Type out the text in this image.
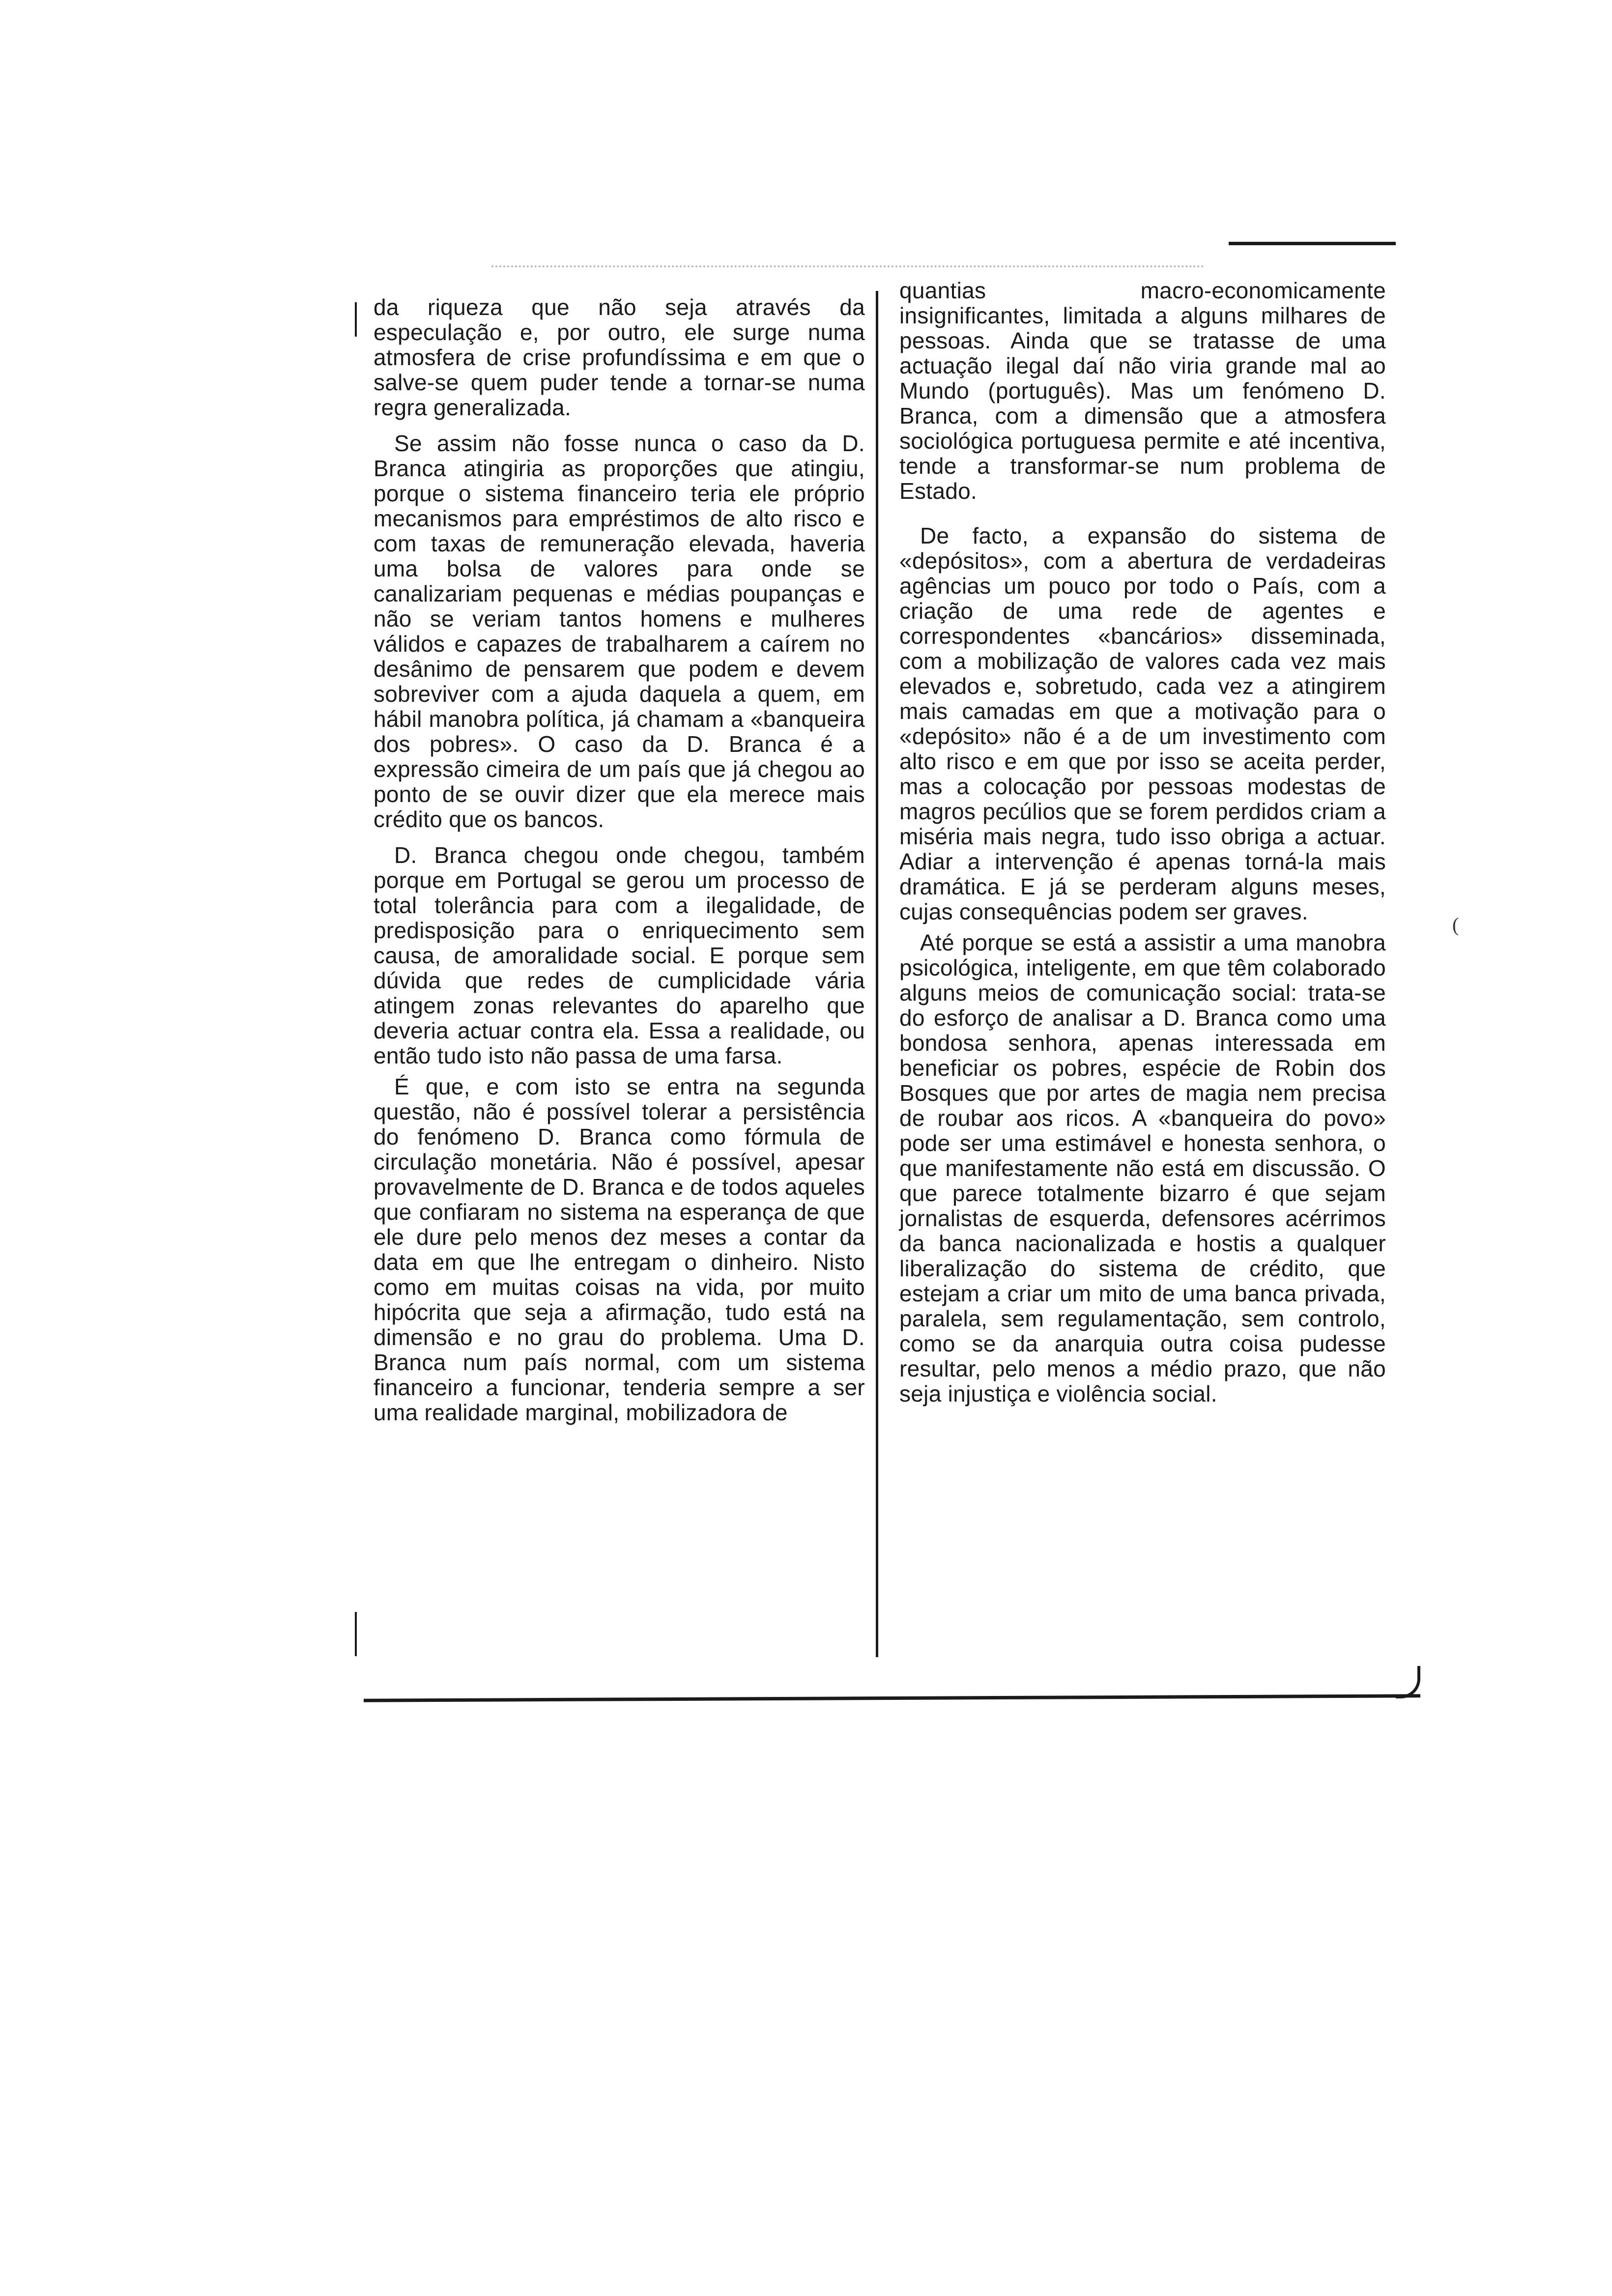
da riqueza que não seja através da especulação e, por outro, ele surge numa atmosfera de crise profundíssima e em que o salve-se quem puder tende a tornar-se numa regra generalizada.

Se assim não fosse nunca o caso da D. Branca atingiria as proporções que atingiu, porque o sistema financeiro teria ele próprio mecanismos para empréstimos de alto risco e com taxas de remuneração elevada, haveria uma bolsa de valores para onde se canalizariam pequenas e médias poupanças e não se veriam tantos homens e mulheres válidos e capazes de trabalharem a caírem no desânimo de pensarem que podem e devem sobreviver com a ajuda daquela a quem, em hábil manobra política, já chamam a «banqueira dos pobres». O caso da D. Branca é a expressão cimeira de um país que já chegou ao ponto de se ouvir dizer que ela merece mais crédito que os bancos.

D. Branca chegou onde chegou, também porque em Portugal se gerou um processo de total tolerância para com a ilegalidade, de predisposição para o enriquecimento sem causa, de amoralidade social. E porque sem dúvida que redes de cumplicidade vária atingem zonas relevantes do aparelho que deveria actuar contra ela. Essa a realidade, ou então tudo isto não passa de uma farsa.

É que, e com isto se entra na segunda questão, não é possível tolerar a persistência do fenómeno D. Branca como fórmula de circulação monetária. Não é possível, apesar provavelmente de D. Branca e de todos aqueles que confiaram no sistema na esperança de que ele dure pelo menos dez meses a contar da data em que lhe entregam o dinheiro. Nisto como em muitas coisas na vida, por muito hipócrita que seja a afirmação, tudo está na dimensão e no grau do problema. Uma D. Branca num país normal, com um sistema financeiro a funcionar, tenderia sempre a ser uma realidade marginal, mobilizadora de

quantias macro-economicamente insignificantes, limitada a alguns milhares de pessoas. Ainda que se tratasse de uma actuação ilegal daí não viria grande mal ao Mundo (português). Mas um fenómeno D. Branca, com a dimensão que a atmosfera sociológica portuguesa permite e até incentiva, tende a transformar-se num problema de Estado.

De facto, a expansão do sistema de «depósitos», com a abertura de verdadeiras agências um pouco por todo o País, com a criação de uma rede de agentes e correspondentes «bancários» disseminada, com a mobilização de valores cada vez mais elevados e, sobretudo, cada vez a atingirem mais camadas em que a motivação para o «depósito» não é a de um investimento com alto risco e em que por isso se aceita perder, mas a colocação por pessoas modestas de magros pecúlios que se forem perdidos criam a miséria mais negra, tudo isso obriga a actuar. Adiar a intervenção é apenas torná-la mais dramática. E já se perderam alguns meses, cujas consequências podem ser graves.

Até porque se está a assistir a uma manobra psicológica, inteligente, em que têm colaborado alguns meios de comunicação social: trata-se do esforço de analisar a D. Branca como uma bondosa senhora, apenas interessada em beneficiar os pobres, espécie de Robin dos Bosques que por artes de magia nem precisa de roubar aos ricos. A «banqueira do povo» pode ser uma estimável e honesta senhora, o que manifestamente não está em discussão. O que parece totalmente bizarro é que sejam jornalistas de esquerda, defensores acérrimos da banca nacionalizada e hostis a qualquer liberalização do sistema de crédito, que estejam a criar um mito de uma banca privada, paralela, sem regulamentação, sem controlo, como se da anarquia outra coisa pudesse resultar, pelo menos a médio prazo, que não seja injustiça e violência social.

(
